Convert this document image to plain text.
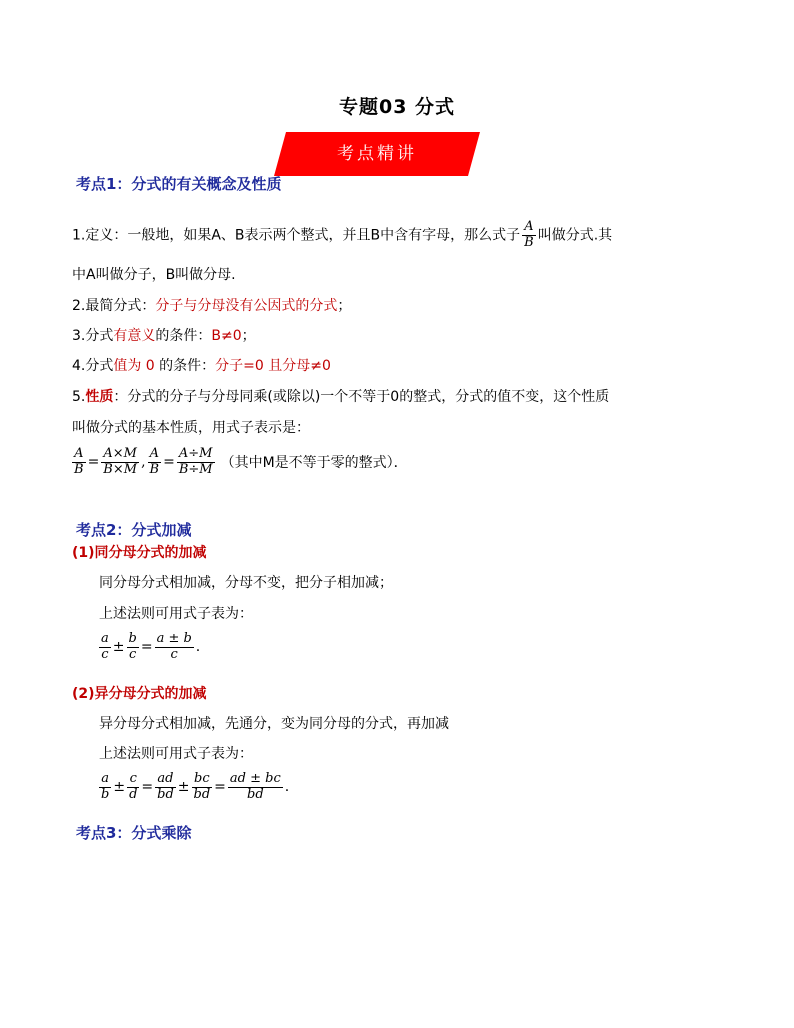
专题03 分式
考点精讲
考点1：分式的有关概念及性质
1.定义：一般地，如果A、B表示两个整式，并且B中含有字母，那么式子 $\frac{A}{B}$ 叫做分式.其
中A叫做分子，B叫做分母.
2.最简分式：分子与分母没有公因式的分式；
3.分式有意义的条件：B≠0；
4.分式值为 0 的条件：分子=0 且分母≠0
5.性质：分式的分子与分母同乘(或除以)一个不等于0的整式，分式的值不变，这个性质
叫做分式的基本性质，用式子表示是：
$\frac{A}{B} = \frac{A\times M}{B\times M}$ , $\frac{A}{B} = \frac{A\div M}{B\div M}$ （其中M是不等于零的整式）．
考点2：分式加减
(1)同分母分式的加减
同分母分式相加减，分母不变，把分子相加减；
上述法则可用式子表为：
$\frac{a}{c} \pm \frac{b}{c} = \frac{a \pm b}{c}$ .
(2)异分母分式的加减
异分母分式相加减，先通分，变为同分母的分式，再加减
上述法则可用式子表为：
$\frac{a}{b} \pm \frac{c}{d} = \frac{ad}{bd} \pm \frac{bc}{bd} = \frac{ad \pm bc}{bd}$ .
考点3：分式乘除
